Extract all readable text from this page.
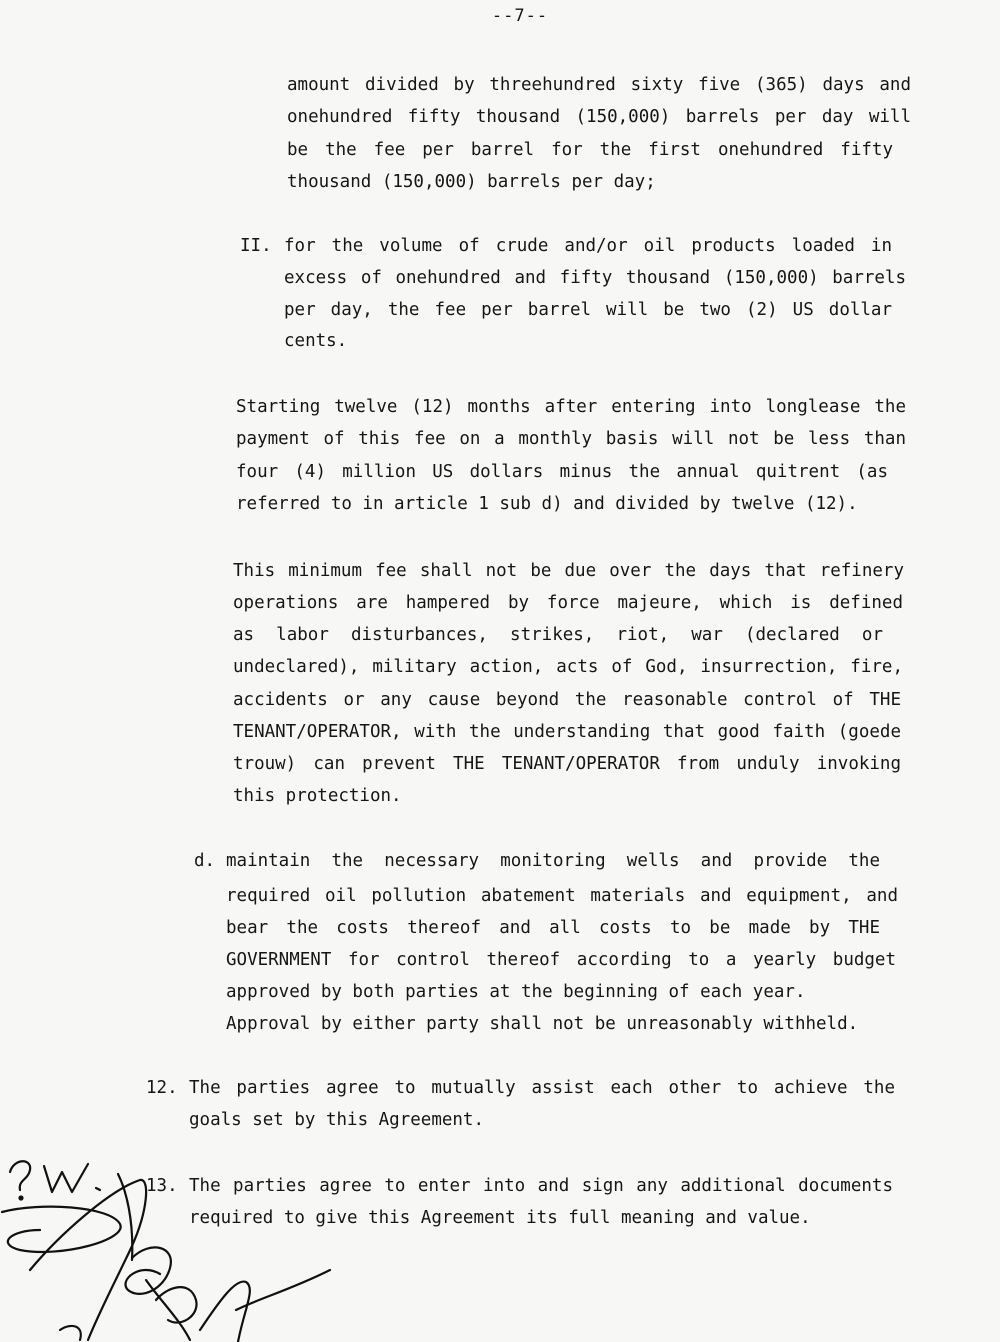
--7--
amount divided by threehundred sixty five (365) days and
onehundred fifty thousand (150,000) barrels per day will
be the fee per barrel for the first onehundred fifty
thousand (150,000) barrels per day;
II. for the volume of crude and/or oil products loaded in
excess of onehundred and fifty thousand (150,000) barrels
per day, the fee per barrel will be two (2) US dollar
cents.
Starting twelve (12) months after entering into longlease the
payment of this fee on a monthly basis will not be less than
four (4) million US dollars minus the annual quitrent (as
referred to in article 1 sub d) and divided by twelve (12).
This minimum fee shall not be due over the days that refinery
operations are hampered by force majeure, which is defined
as labor disturbances, strikes, riot, war (declared or
undeclared), military action, acts of God, insurrection, fire,
accidents or any cause beyond the reasonable control of THE
TENANT/OPERATOR, with the understanding that good faith (goede
trouw) can prevent THE TENANT/OPERATOR from unduly invoking
this protection.
d. maintain the necessary monitoring wells and provide the
required oil pollution abatement materials and equipment, and
bear the costs thereof and all costs to be made by THE
GOVERNMENT for control thereof according to a yearly budget
approved by both parties at the beginning of each year.
Approval by either party shall not be unreasonably withheld.
12. The parties agree to mutually assist each other to achieve the
goals set by this Agreement.
13. The parties agree to enter into and sign any additional documents
required to give this Agreement its full meaning and value.
